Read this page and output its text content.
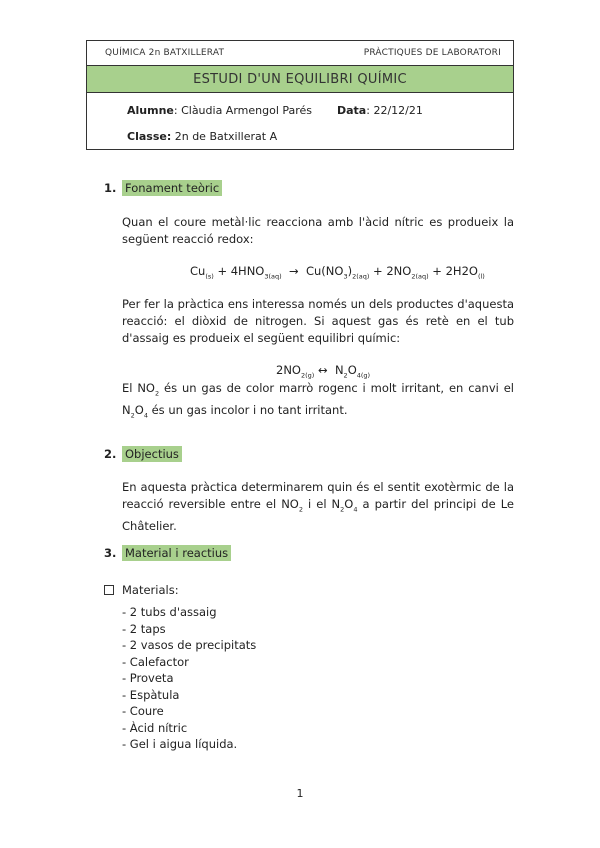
QUÍMICA 2n BATXILLERAT	PRÀCTIQUES DE LABORATORI
ESTUDI D'UN EQUILIBRI QUÍMIC
Alumne: Clàudia Armengol Parés Data: 22/12/21
Classe: 2n de Batxillerat A
1. Fonament teòric
Quan el coure metàl·lic reacciona amb l'àcid nítric es produeix la següent reacció redox:
$Cu_{(s)} + 4HNO_{3(aq)} \to Cu(NO_3)_{2(aq)} + 2NO_{2(aq)} + 2H2O_{(l)}$
Per fer la pràctica ens interessa només un dels productes d'aquesta reacció: el diòxid de nitrogen. Si aquest gas és retè en el tub d'assaig es produeix el següent equilibri químic:
$2NO_{2(g)}$ ↔  $N_2O_{4(g)}$
El $NO_2$ és un gas de color marrò rogenc i molt irritant, en canvi el $N_2O_4$ és un gas incolor i no tant irritant.
2. Objectius
En aquesta pràctica determinarem quin és el sentit exotèrmic de la reacció reversible entre el $NO_2$ i el $N_2O_4$ a partir del principi de Le Châtelier.
3. Material i reactius
Materials:
- 2 tubs d'assaig
- 2 taps
- 2 vasos de precipitats
- Calefactor
- Proveta
- Espàtula
- Coure
- Àcid nítric
- Gel i aigua líquida.
1
